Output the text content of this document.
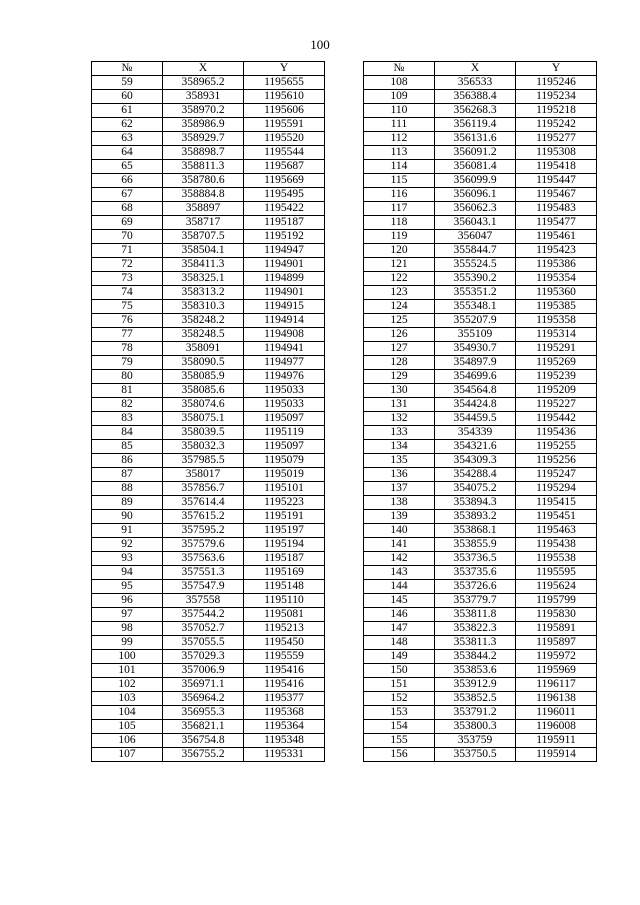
100
№	X	Y
59	358965.2	1195655
60	358931	1195610
61	358970.2	1195606
62	358986.9	1195591
63	358929.7	1195520
64	358898.7	1195544
65	358811.3	1195687
66	358780.6	1195669
67	358884.8	1195495
68	358897	1195422
69	358717	1195187
70	358707.5	1195192
71	358504.1	1194947
72	358411.3	1194901
73	358325.1	1194899
74	358313.2	1194901
75	358310.3	1194915
76	358248.2	1194914
77	358248.5	1194908
78	358091	1194941
79	358090.5	1194977
80	358085.9	1194976
81	358085.6	1195033
82	358074.6	1195033
83	358075.1	1195097
84	358039.5	1195119
85	358032.3	1195097
86	357985.5	1195079
87	358017	1195019
88	357856.7	1195101
89	357614.4	1195223
90	357615.2	1195191
91	357595.2	1195197
92	357579.6	1195194
93	357563.6	1195187
94	357551.3	1195169
95	357547.9	1195148
96	357558	1195110
97	357544.2	1195081
98	357052.7	1195213
99	357055.5	1195450
100	357029.3	1195559
101	357006.9	1195416
102	356971.1	1195416
103	356964.2	1195377
104	356955.3	1195368
105	356821.1	1195364
106	356754.8	1195348
107	356755.2	1195331
№	X	Y
108	356533	1195246
109	356388.4	1195234
110	356268.3	1195218
111	356119.4	1195242
112	356131.6	1195277
113	356091.2	1195308
114	356081.4	1195418
115	356099.9	1195447
116	356096.1	1195467
117	356062.3	1195483
118	356043.1	1195477
119	356047	1195461
120	355844.7	1195423
121	355524.5	1195386
122	355390.2	1195354
123	355351.2	1195360
124	355348.1	1195385
125	355207.9	1195358
126	355109	1195314
127	354930.7	1195291
128	354897.9	1195269
129	354699.6	1195239
130	354564.8	1195209
131	354424.8	1195227
132	354459.5	1195442
133	354339	1195436
134	354321.6	1195255
135	354309.3	1195256
136	354288.4	1195247
137	354075.2	1195294
138	353894.3	1195415
139	353893.2	1195451
140	353868.1	1195463
141	353855.9	1195438
142	353736.5	1195538
143	353735.6	1195595
144	353726.6	1195624
145	353779.7	1195799
146	353811.8	1195830
147	353822.3	1195891
148	353811.3	1195897
149	353844.2	1195972
150	353853.6	1195969
151	353912.9	1196117
152	353852.5	1196138
153	353791.2	1196011
154	353800.3	1196008
155	353759	1195911
156	353750.5	1195914
